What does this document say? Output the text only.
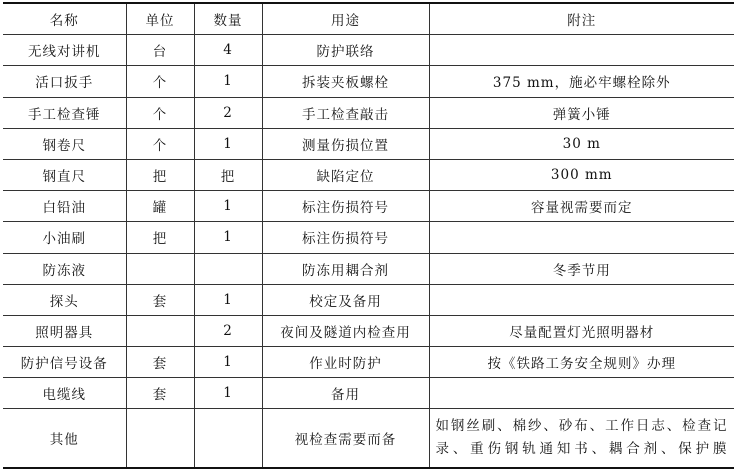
名称	单位	数量	用途	附注
无线对讲机	台	4	防护联络	
活口扳手	个	1	拆装夹板螺栓	375 mm，施必牢螺栓除外
手工检查锤	个	2	手工检查敲击	弹簧小锤
钢卷尺	个	1	测量伤损位置	30 m
钢直尺	把	把	缺陷定位	300 mm
白铅油	罐	1	标注伤损符号	容量视需要而定
小油刷	把	1	标注伤损符号	
防冻液			防冻用耦合剂	冬季节用
探头	套	1	校定及备用	
照明器具		2	夜间及隧道内检查用	尽量配置灯光照明器材
防护信号设备	套	1	作业时防护	按《铁路工务安全规则》办理
电缆线	套	1	备用	
其他			视检查需要而备	如钢丝刷、棉纱、砂布、工作日志、检查记录、重伤钢轨通知书、耦合剂、保护膜
